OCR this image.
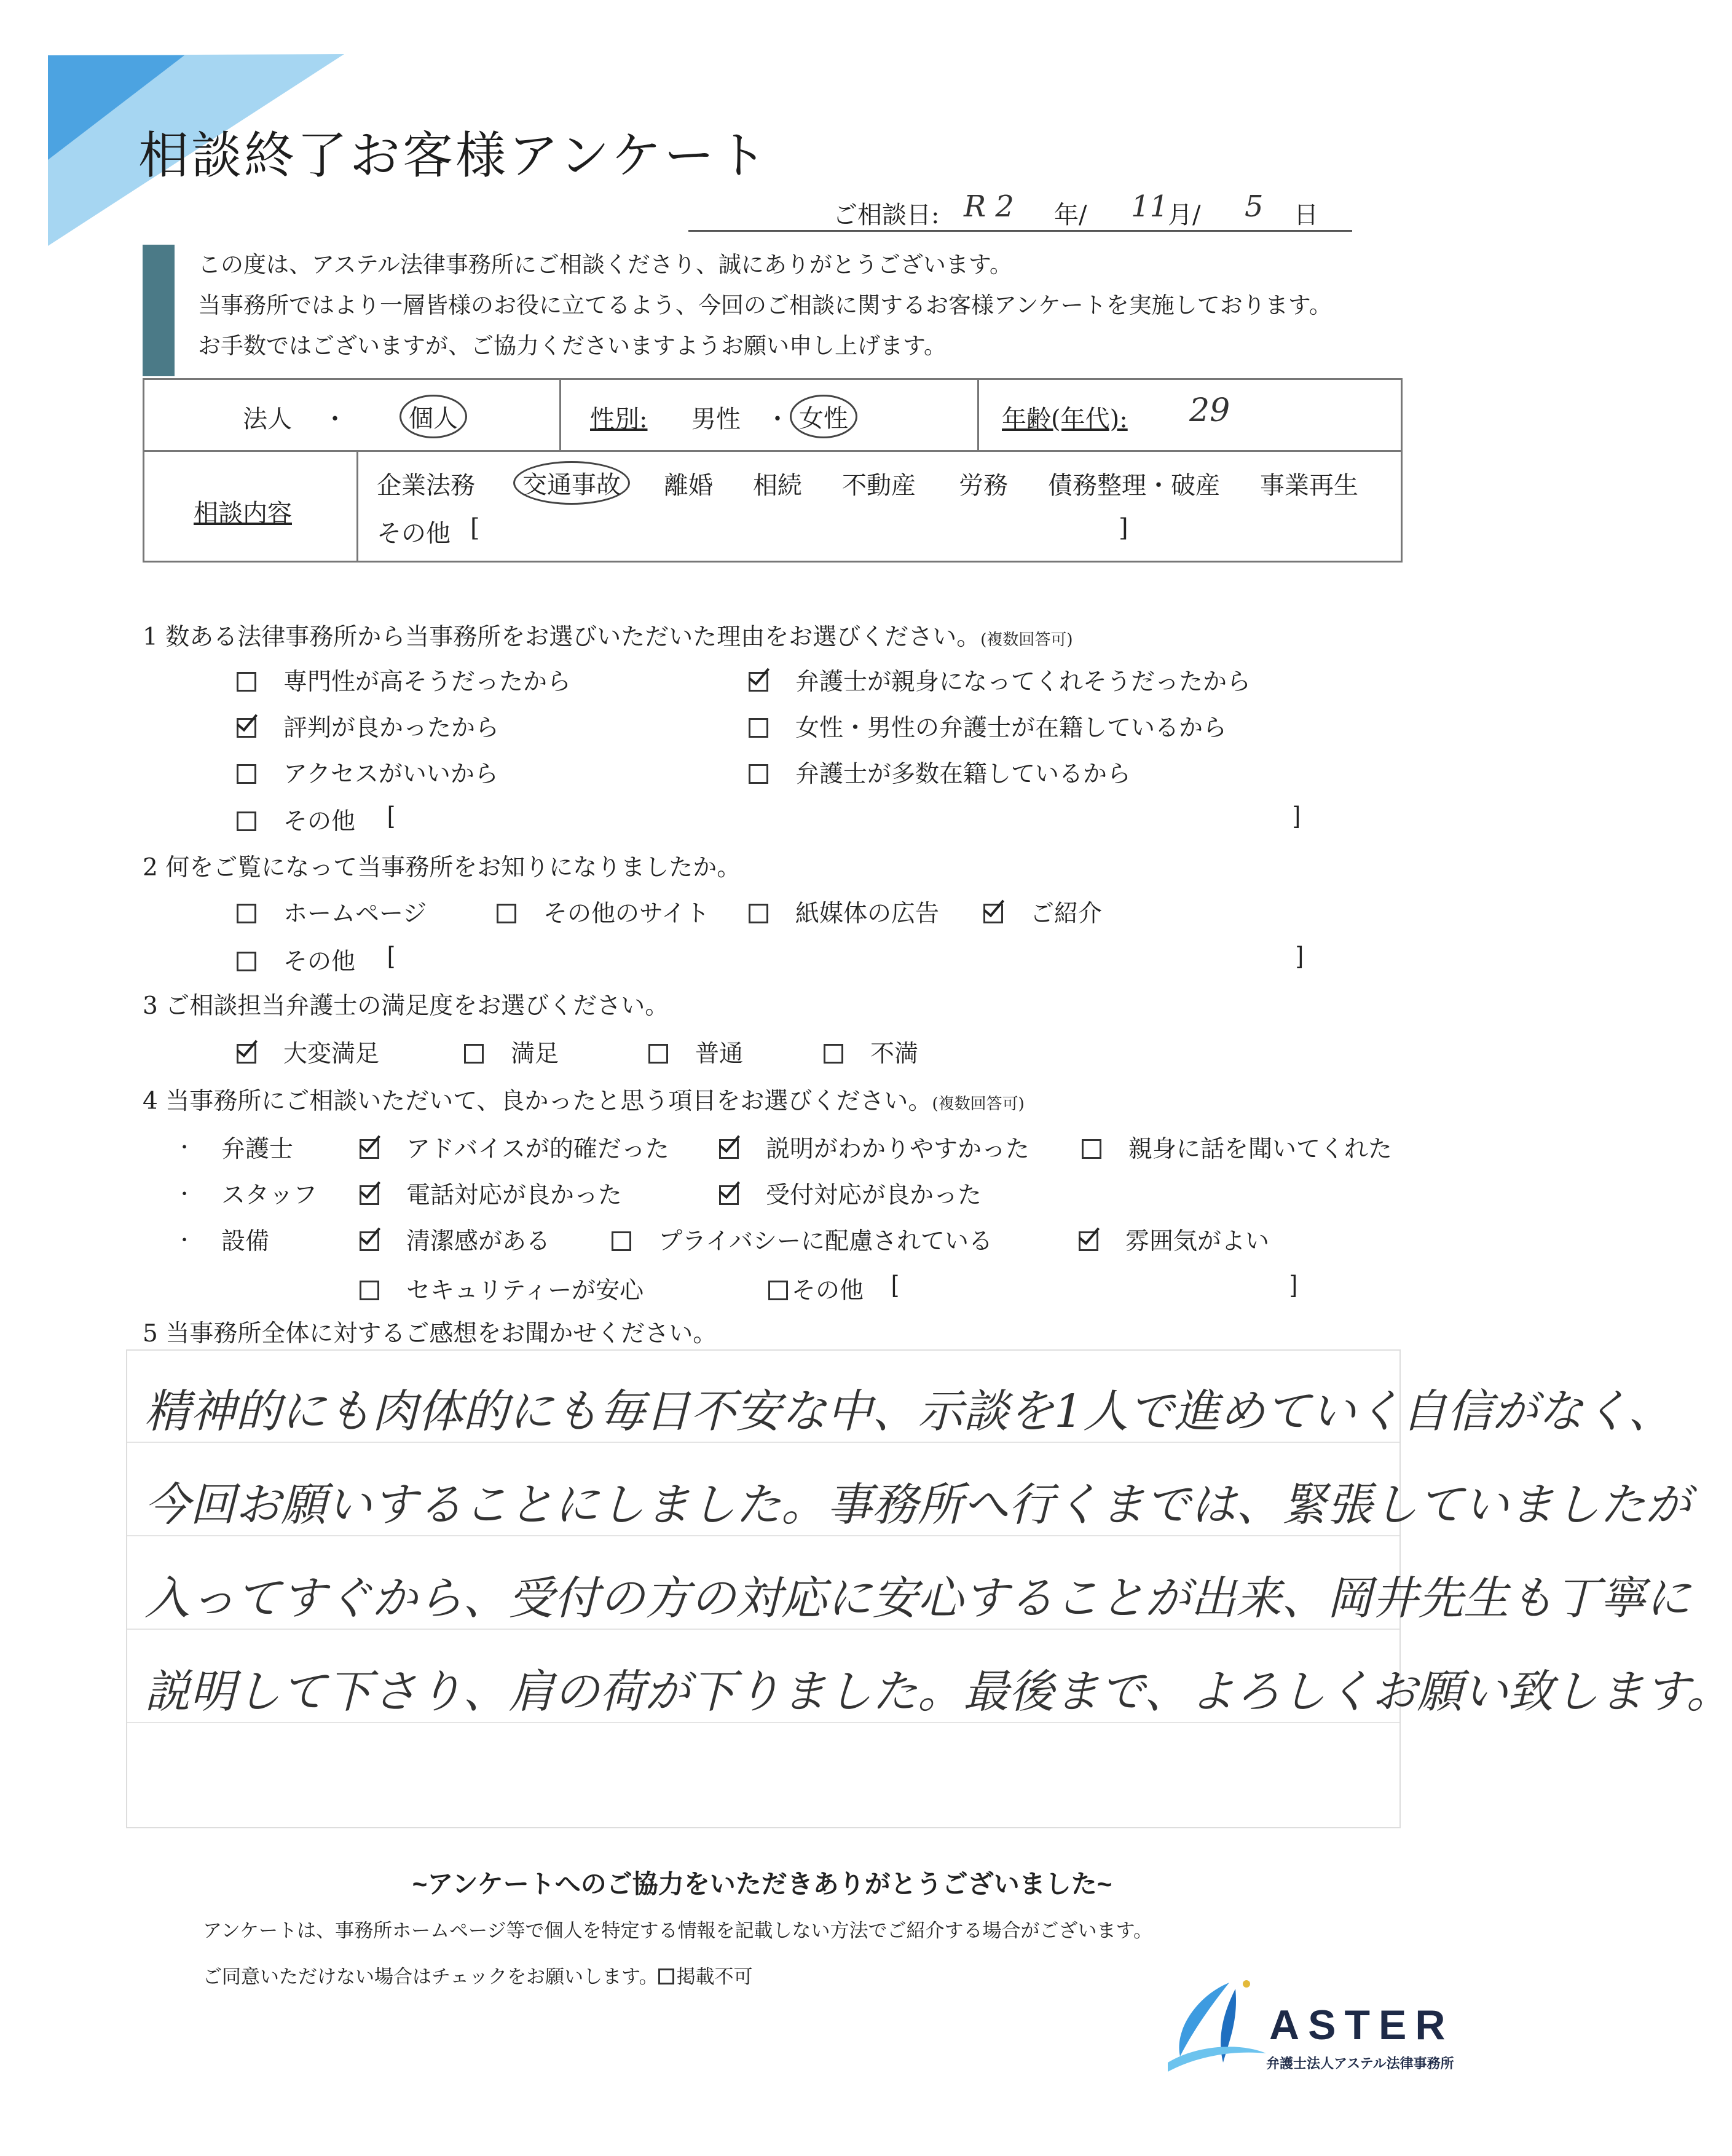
相談終了お客様アンケート
ご相談日: R 2 年/ 11
月/ 5 日

この度は、アステル法律事務所にご相談くださり、誠にありがとうございます。

当事務所ではより一層皆様のお役に立てるよう、今回のご相談に関するお客様アンケートを実施しております。

お手数ではございますが、ご協力くださいますようお願い申し上げます。

法人 ・	個人	性別: 男性 ・ 女性	年齢(年代): 29
相談内容
企業法務	交通事故	離婚 相続 不動産 労務 債務整理・破産 事業再生
その他 [	]
1 数ある法律事務所から当事務所をお選びいただいた理由をお選びください。(複数回答可)
専門性が高そうだったから	弁護士が親身になってくれそうだったから
評判が良かったから	女性・男性の弁護士が在籍しているから
アクセスがいいから	弁護士が多数在籍しているから
その他 [	]
2 何をご覧になって当事務所をお知りになりましたか。
ホームページ	その他のサイト	紙媒体の広告	ご紹介
その他 [	]
3 ご相談担当弁護士の満足度をお選びください。
大変満足	満足	普通	不満
4 当事務所にご相談いただいて、良かったと思う項目をお選びください。(複数回答可)
・ 弁護士	アドバイスが的確だった	説明がわかりやすかった	親身に話を聞いてくれた
・ スタッフ	電話対応が良かった	受付対応が良かった
・ 設備	清潔感がある	プライバシーに配慮されている	雰囲気がよい
セキュリティーが安心	その他 [	]
5 当事務所全体に対するご感想をお聞かせください。
精神的にも肉体的にも毎日不安な中、示談を1人で進めていく自信がなく、
今回お願いすることにしました。事務所へ行くまでは、緊張していましたが
入ってすぐから、受付の方の対応に安心することが出来、岡井先生も丁寧に
説明して下さり、肩の荷が下りました。最後まで、よろしくお願い致します。
~アンケートへのご協力をいただきありがとうございました~
アンケートは、事務所ホームページ等で個人を特定する情報を記載しない方法でご紹介する場合がございます。
ご同意いただけない場合はチェックをお願いします。 掲載不可
ASTER
弁護士法人アステル法律事務所
